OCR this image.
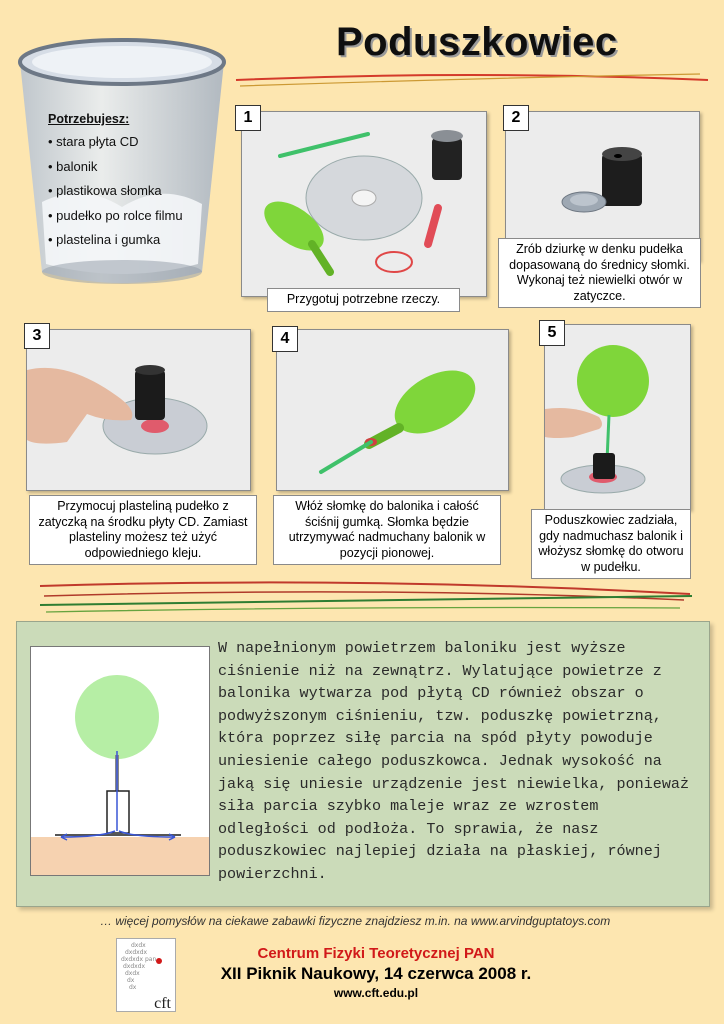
Poduszkowiec
Potrzebujesz:
• stara płyta CD
• balonik
• plastikowa słomka
• pudełko po rolce filmu
• plastelina i gumka
1
Przygotuj potrzebne rzeczy.
2
Zrób dziurkę w denku pudełka dopasowaną do średnicy słomki. Wykonaj też niewielki otwór w zatyczce.
3
Przymocuj plasteliną pudełko z zatyczką na środku płyty CD. Zamiast plasteliny możesz też użyć odpowiedniego kleju.
4
Włóż słomkę do balonika i całość ściśnij gumką. Słomka będzie utrzymywać nadmuchany balonik w pozycji pionowej.
5
Poduszkowiec zadziała, gdy nadmuchasz balonik i włożysz słomkę do otworu w pudełku.
W napełnionym powietrzem baloniku jest wyższe ciśnienie niż na zewnątrz. Wylatujące powietrze z balonika wytwarza pod płytą CD również obszar o podwyższonym ciśnieniu, tzw. poduszkę powietrzną, która poprzez siłę parcia na spód płyty powoduje uniesienie całego poduszkowca. Jednak wysokość na jaką się uniesie urządzenie jest niewielka, ponieważ siła parcia szybko maleje wraz ze wzrostem odległości od podłoża. To sprawia, że nasz poduszkowiec najlepiej działa na płaskiej, równej powierzchni.
… więcej pomysłów na ciekawe zabawki fizyczne znajdziesz m.in. na www.arvindguptatoys.com
dxdx
dxdxdx
dxdxdx pan
dxdxdx
dxdx
dx
dx
cft
Centrum Fizyki Teoretycznej PAN
XII Piknik Naukowy, 14 czerwca 2008 r.
www.cft.edu.pl
